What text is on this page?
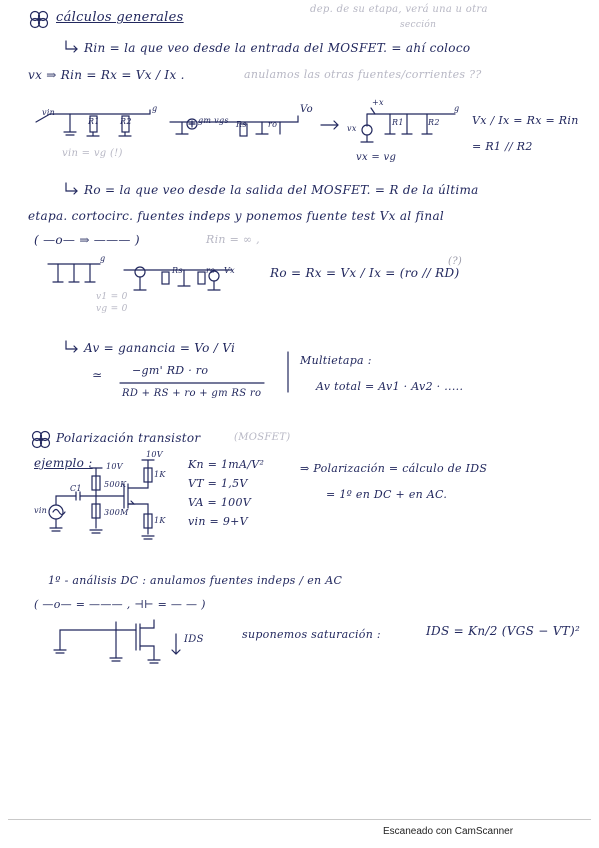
cálculos generales
dep. de su etapa, verá una u otra
sección
Rin = la que veo desde la entrada del MOSFET. = ahí coloco
vx ⇒ Rin = Rx = Vx / Ix .	anulamos las otras fuentes/corrientes ??
vin
R1	R2
g
gm vgs Rs	ro
Vo
vin = vg (!)
+x
vx
R1	R2
g
vx = vg
Vx / Ix = Rx = Rin = R1 // R2
Ro = la que veo desde la salida del MOSFET. = R de la última
etapa. cortocirc. fuentes indeps y ponemos fuente test Vx al final
( —o— ⇒ ——— )	Rin = ∞ ,
g
Rs	ro Vx
v1 = 0
vg = 0
Ro = Rx = Vx / Ix = (ro // RD)
(?)
Av = ganancia = Vo / Vi
≃	−gm' RD · ro
RD + RS + ro + gm RS ro
Multietapa :
Av total = Av1 · Av2 · .....
Polarización transistor	(MOSFET)
ejemplo :
vin
C1
10V
10V
500K
1K
300M
1K
Kn = 1mA/V²
VT = 1,5V
VA = 100V
vin = 9+V
⇒ Polarización = cálculo de IDS
= 1º en DC + en AC.
1º - análisis DC : anulamos fuentes indeps / en AC
( —o— = ——— , ⊣⊢ = — — )
IDS	suponemos saturación :	IDS = Kn/2 (VGS − VT)²
Escaneado con CamScanner
